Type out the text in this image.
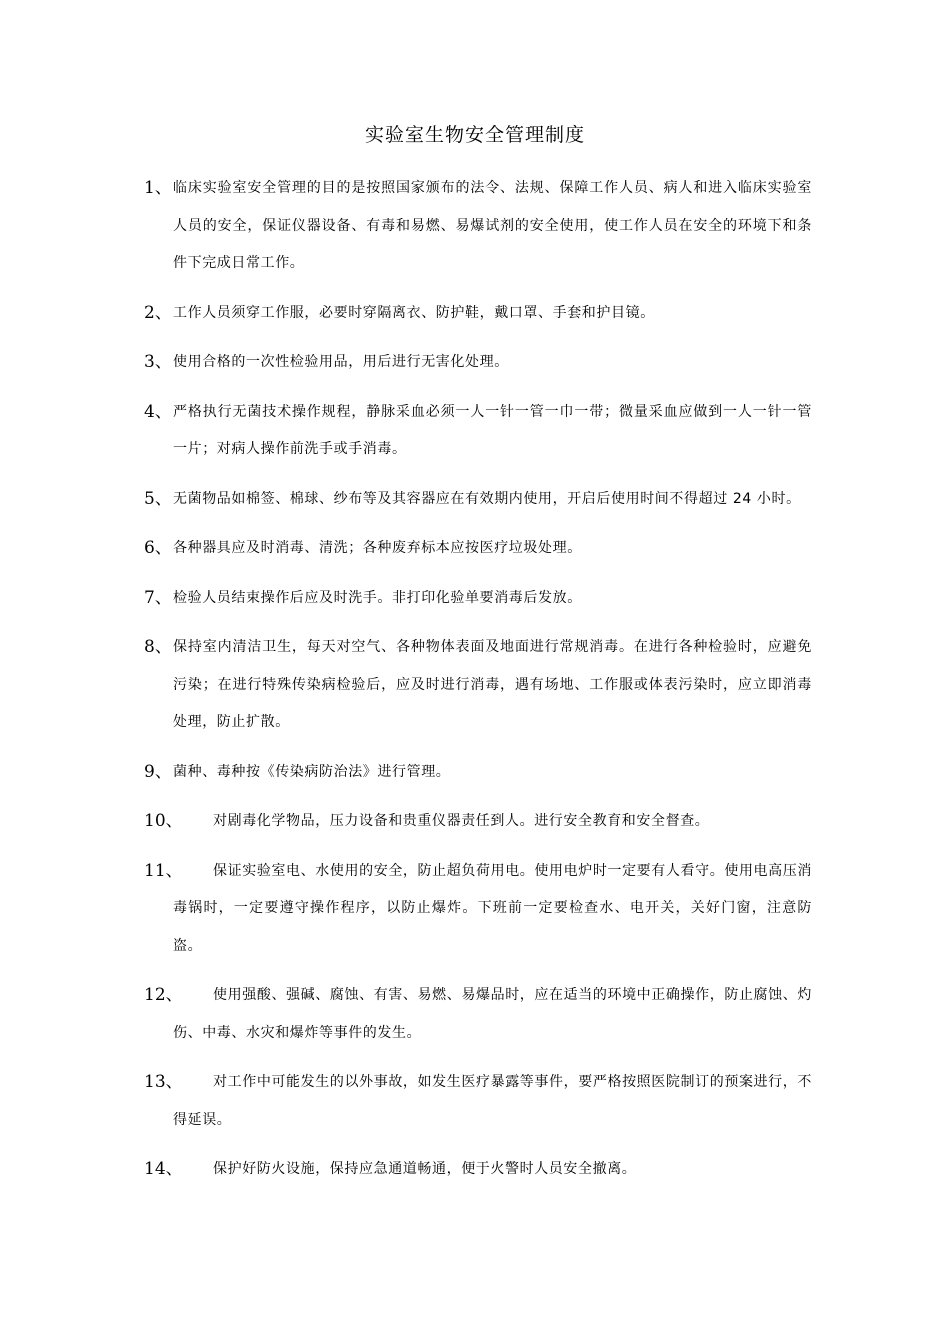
实验室生物安全管理制度
1、 临床实验室安全管理的目的是按照国家颁布的法令、法规、保障工作人员、病人和进入临床实验室人员的安全，保证仪器设备、有毒和易燃、易爆试剂的安全使用，使工作人员在安全的环境下和条件下完成日常工作。
2、 工作人员须穿工作服，必要时穿隔离衣、防护鞋，戴口罩、手套和护目镜。
3、 使用合格的一次性检验用品，用后进行无害化处理。
4、 严格执行无菌技术操作规程，静脉采血必须一人一针一管一巾一带；微量采血应做到一人一针一管一片；对病人操作前洗手或手消毒。
5、 无菌物品如棉签、棉球、纱布等及其容器应在有效期内使用，开启后使用时间不得超过 24 小时。
6、 各种器具应及时消毒、清洗；各种废弃标本应按医疗垃圾处理。
7、 检验人员结束操作后应及时洗手。非打印化验单要消毒后发放。
8、 保持室内清洁卫生，每天对空气、各种物体表面及地面进行常规消毒。在进行各种检验时，应避免污染；在进行特殊传染病检验后，应及时进行消毒，遇有场地、工作服或体表污染时，应立即消毒处理，防止扩散。
9、 菌种、毒种按《传染病防治法》进行管理。
10、	对剧毒化学物品，压力设备和贵重仪器责任到人。进行安全教育和安全督查。
11、	保证实验室电、水使用的安全，防止超负荷用电。使用电炉时一定要有人看守。使用电高压消毒锅时，一定要遵守操作程序，以防止爆炸。下班前一定要检查水、电开关，关好门窗，注意防盗。
12、	使用强酸、强碱、腐蚀、有害、易燃、易爆品时，应在适当的环境中正确操作，防止腐蚀、灼伤、中毒、水灾和爆炸等事件的发生。
13、	对工作中可能发生的以外事故，如发生医疗暴露等事件，要严格按照医院制订的预案进行，不得延误。
14、	保护好防火设施，保持应急通道畅通，便于火警时人员安全撤离。
